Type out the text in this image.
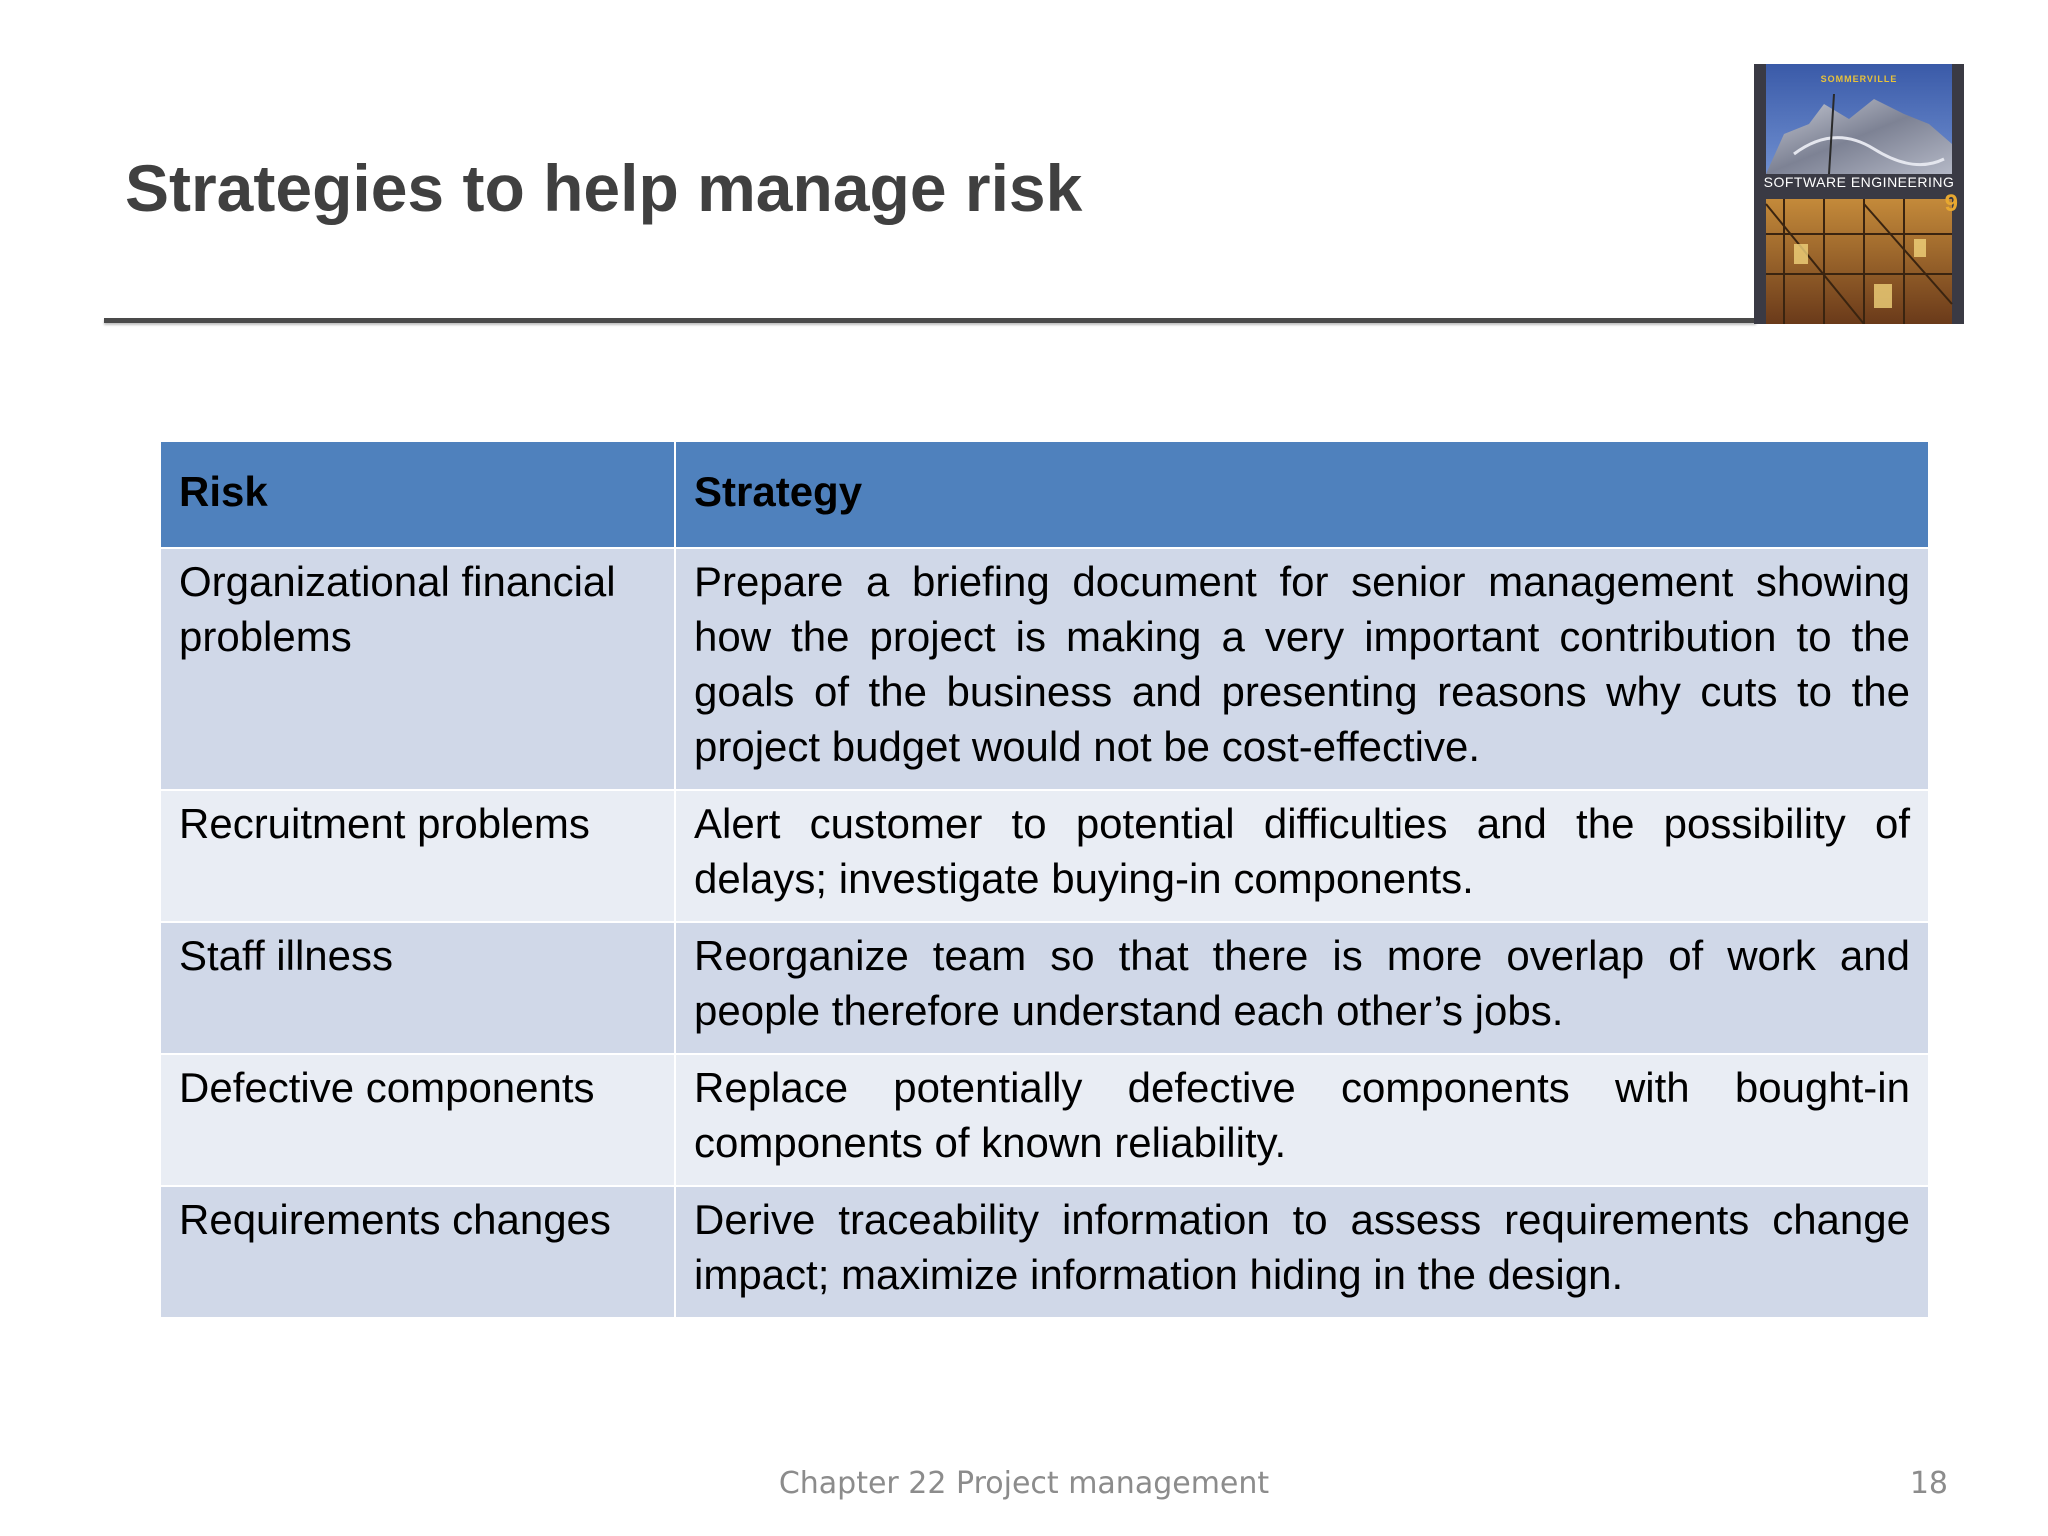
Strategies to help manage risk
SOMMERVILLE
SOFTWARE ENGINEERING
9
Risk	Strategy
Organizational financial problems	Prepare a briefing document for senior management showing how the project is making a very important contribution to the goals of the business and presenting reasons why cuts to the project budget would not be cost-effective.
Recruitment problems	Alert customer to potential difficulties and the possibility of delays; investigate buying-in components.
Staff illness	Reorganize team so that there is more overlap of work and people therefore understand each other’s jobs.
Defective components	Replace potentially defective components with bought-in components of known reliability.
Requirements changes	Derive traceability information to assess requirements change impact; maximize information hiding in the design.
Chapter 22 Project management	18
